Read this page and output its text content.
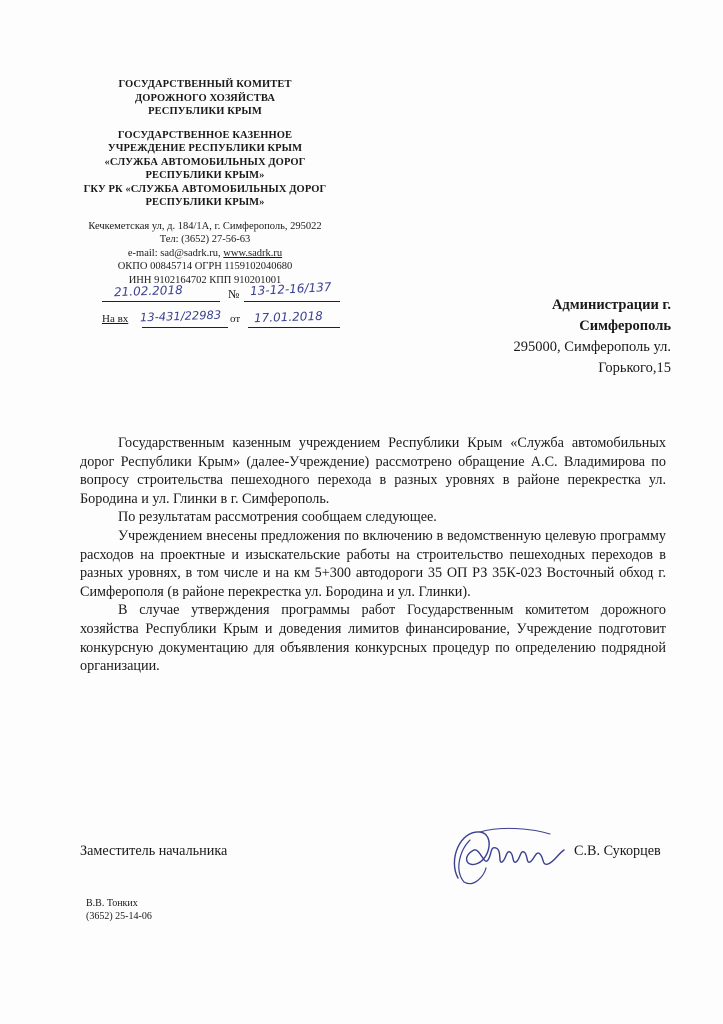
ГОСУДАРСТВЕННЫЙ КОМИТЕТ
ДОРОЖНОГО ХОЗЯЙСТВА
РЕСПУБЛИКИ КРЫМ
ГОСУДАРСТВЕННОЕ КАЗЕННОЕ
УЧРЕЖДЕНИЕ РЕСПУБЛИКИ КРЫМ
«СЛУЖБА АВТОМОБИЛЬНЫХ ДОРОГ
РЕСПУБЛИКИ КРЫМ»
ГКУ РК «СЛУЖБА АВТОМОБИЛЬНЫХ ДОРОГ
РЕСПУБЛИКИ КРЫМ»
Кечкеметская ул, д. 184/1А, г. Симферополь, 295022
Тел: (3652) 27-56-63
e-mail: sad@sadrk.ru, www.sadrk.ru
ОКПО 00845714 ОГРН 1159102040680
ИНН 9102164702 КПП 910201001
21.02.2018	№ 13-12-16/137
На вх 13-431/22983 от 17.01.2018
Администрации г.
Симферополь
295000, Симферополь ул.
Горького,15

Государственным казенным учреждением Республики Крым «Служба автомобильных дорог Республики Крым» (далее-Учреждение) рассмотрено обращение А.С. Владимирова по вопросу строительства пешеходного перехода в разных уровнях в районе перекрестка ул. Бородина и ул. Глинки в г. Симферополь.

По результатам рассмотрения сообщаем следующее.

Учреждением внесены предложения по включению в ведомственную целевую программу расходов на проектные и изыскательские работы на строительство пешеходных переходов в разных уровнях, в том числе и на км 5+300 автодороги 35 ОП РЗ 35К-023 Восточный обход г. Симферополя (в районе перекрестка ул. Бородина и ул. Глинки).

В случае утверждения программы работ Государственным комитетом дорожного хозяйства Республики Крым и доведения лимитов финансирование, Учреждение подготовит конкурсную документацию для объявления конкурсных процедур по определению подрядной организации.

Заместитель начальника	С.В. Сукорцев
В.В. Тонких
(3652) 25-14-06
